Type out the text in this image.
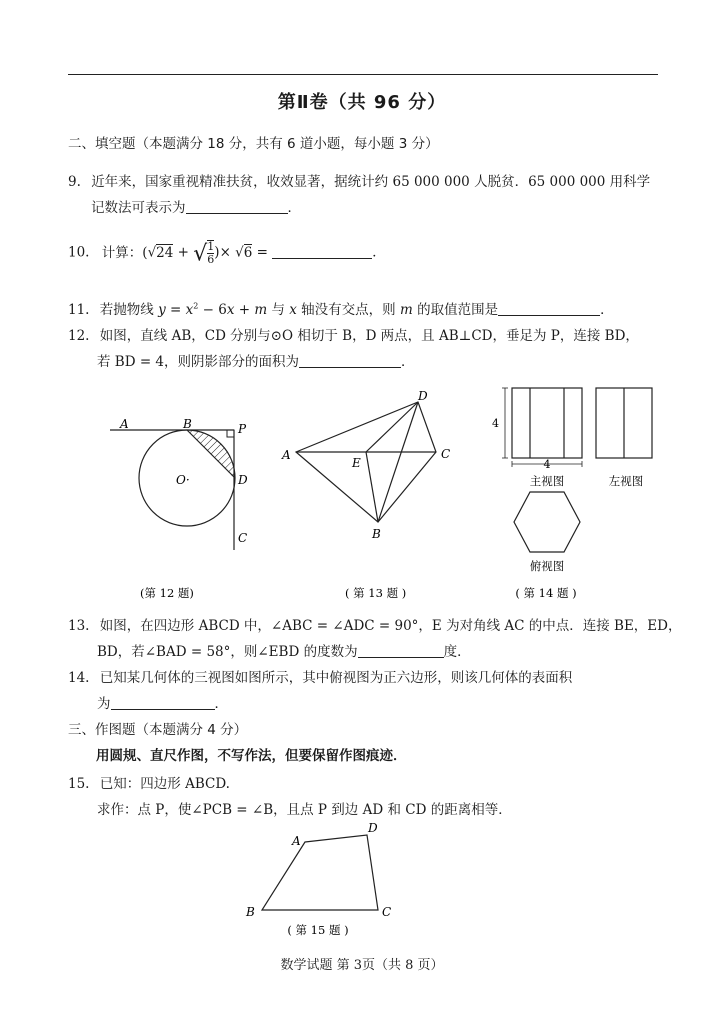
第Ⅱ卷（共 96 分）
二、填空题（本题满分 18 分，共有 6 道小题，每小题 3 分）
9. 近年来，国家重视精准扶贫，收效显著，据统计约 65 000 000 人脱贫．65 000 000 用科学
记数法可表示为	．
10. 计算：(√24 + √ $\frac{1}{6}$ )× √6 =	．
11. 若抛物线 $y = x^2 - 6x + m$ 与 x 轴没有交点，则 m 的取值范围是	．
12. 如图，直线 AB，CD 分别与⊙O 相切于 B，D 两点，且 AB⊥CD，垂足为 P，连接 BD，
若 BD = 4，则阴影部分的面积为	．
A	B	P
O·	D
C
(第 12 题)
D
A
E
C
B
( 第 13 题 )
4
4
主视图	左视图
俯视图
( 第 14 题 )
13. 如图，在四边形 ABCD 中，∠ABC = ∠ADC = 90°，E 为对角线 AC 的中点．连接 BE，ED，
BD，若∠BAD = 58°，则∠EBD 的度数为	度．
14. 已知某几何体的三视图如图所示，其中俯视图为正六边形，则该几何体的表面积
为	．
三、作图题（本题满分 4 分）
用圆规、直尺作图，不写作法，但要保留作图痕迹．
15. 已知：四边形 ABCD.
求作：点 P，使∠PCB = ∠B，且点 P 到边 AD 和 CD 的距离相等．
A
D
B	C
( 第 15 题 )
数学试题 第 3页（共 8 页）
